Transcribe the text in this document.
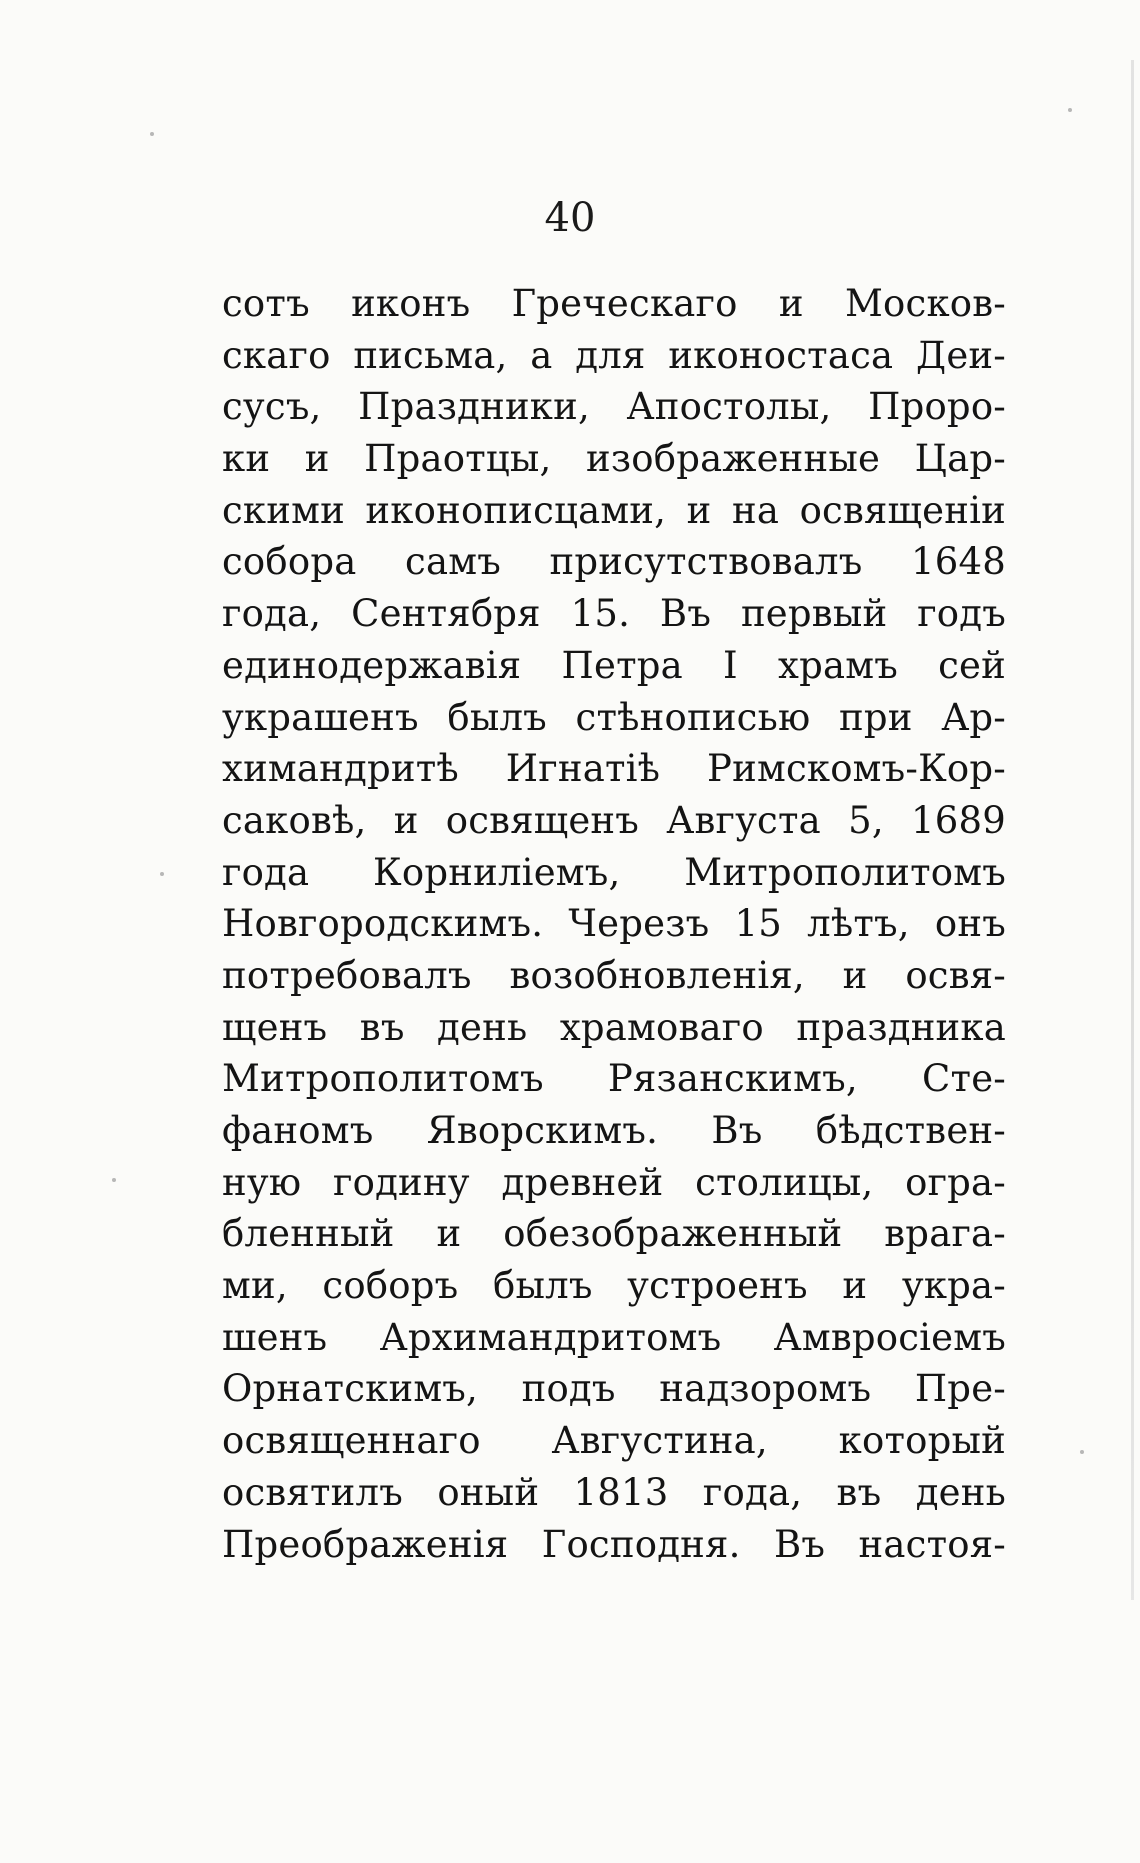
40
сотъ иконъ Греческаго и Москов-
скаго письма, а для иконостаса Деи-
сусъ, Праздники, Апостолы, Проро-
ки и Праотцы, изображенные Цар-
скими иконописцами, и на освященіи
собора самъ присутствовалъ 1648
года, Сентября 15. Въ первый годъ
единодержавія Петра I храмъ сей
украшенъ былъ стѣнописью при Ар-
химандритѣ Игнатіѣ Римскомъ-Кор-
саковѣ, и освященъ Августа 5, 1689
года Корниліемъ, Митрополитомъ
Новгородскимъ. Черезъ 15 лѣтъ, онъ
потребовалъ возобновленія, и освя-
щенъ въ день храмоваго праздника
Митрополитомъ Рязанскимъ, Сте-
фаномъ Яворскимъ. Въ бѣдствен-
ную годину древней столицы, огра-
бленный и обезображенный врага-
ми, соборъ былъ устроенъ и укра-
шенъ Архимандритомъ Амвросіемъ
Орнатскимъ, подъ надзоромъ Пре-
освященнаго Августина, который
освятилъ оный 1813 года, въ день
Преображенія Господня. Въ настоя-
